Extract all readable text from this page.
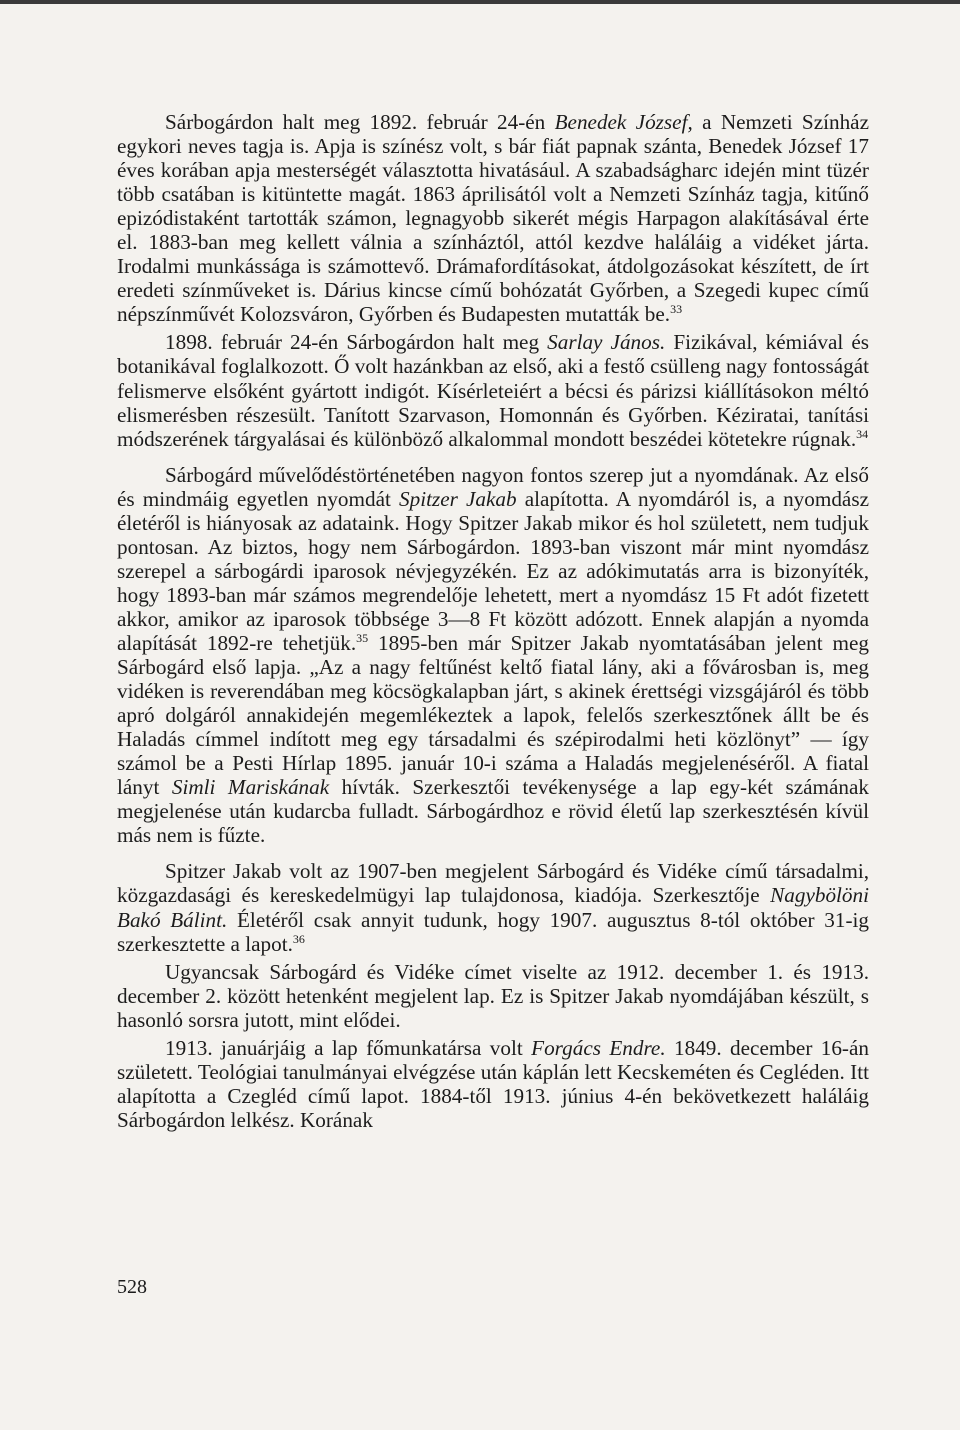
Sárbogárdon halt meg 1892. február 24-én Benedek József, a Nemzeti Színház egykori neves tagja is. Apja is színész volt, s bár fiát papnak szánta, Benedek József 17 éves korában apja mesterségét választotta hivatásául. A szabadságharc idején mint tüzér több csatában is kitüntette magát. 1863 áprilisától volt a Nemzeti Színház tagja, kitűnő epizódistaként tartották számon, legnagyobb sikerét mégis Harpagon alakításával érte el. 1883-ban meg kellett válnia a színháztól, attól kezdve haláláig a vidéket járta. Irodalmi munkássága is számottevő. Drámafordításokat, átdolgozásokat készített, de írt eredeti színműveket is. Dárius kincse című bohózatát Győrben, a Szegedi kupec című népszínművét Kolozsváron, Győrben és Budapesten mutatták be.$^{33}$

1898. február 24-én Sárbogárdon halt meg Sarlay János. Fizikával, kémiával és botanikával foglalkozott. Ő volt hazánkban az első, aki a festő csülleng nagy fontosságát felismerve elsőként gyártott indigót. Kísérleteiért a bécsi és párizsi kiállításokon méltó elismerésben részesült. Tanított Szarvason, Homonnán és Győrben. Kéziratai, tanítási módszerének tárgyalásai és különböző alkalommal mondott beszédei kötetekre rúgnak.$^{34}$

Sárbogárd művelődéstörténetében nagyon fontos szerep jut a nyomdának. Az első és mindmáig egyetlen nyomdát Spitzer Jakab alapította. A nyomdáról is, a nyomdász életéről is hiányosak az adataink. Hogy Spitzer Jakab mikor és hol született, nem tudjuk pontosan. Az biztos, hogy nem Sárbogárdon. 1893-ban viszont már mint nyomdász szerepel a sárbogárdi iparosok névjegyzékén. Ez az adókimutatás arra is bizonyíték, hogy 1893-ban már számos megrendelője lehetett, mert a nyomdász 15 Ft adót fizetett akkor, amikor az iparosok többsége 3—8 Ft között adózott. Ennek alapján a nyomda alapítását 1892-re tehetjük.$^{35}$ 1895-ben már Spitzer Jakab nyomtatásában jelent meg Sárbogárd első lapja. „Az a nagy feltűnést keltő fiatal lány, aki a fővárosban is, meg vidéken is reverendában meg köcsögkalapban járt, s akinek érettségi vizsgájáról és több apró dolgáról annakidején megemlékeztek a lapok, felelős szerkesztőnek állt be és Haladás címmel indított meg egy társadalmi és szépirodalmi heti közlönyt” — így számol be a Pesti Hírlap 1895. január 10-i száma a Haladás megjelenéséről. A fiatal lányt Simli Mariskának hívták. Szerkesztői tevékenysége a lap egy-két számának megjelenése után kudarcba fulladt. Sárbogárdhoz e rövid életű lap szerkesztésén kívül más nem is fűzte.

Spitzer Jakab volt az 1907-ben megjelent Sárbogárd és Vidéke című társadalmi, közgazdasági és kereskedelmügyi lap tulajdonosa, kiadója. Szerkesztője Nagybölöni Bakó Bálint. Életéről csak annyit tudunk, hogy 1907. augusztus 8-tól október 31-ig szerkesztette a lapot.$^{36}$

Ugyancsak Sárbogárd és Vidéke címet viselte az 1912. december 1. és 1913. december 2. között hetenként megjelent lap. Ez is Spitzer Jakab nyomdájában készült, s hasonló sorsra jutott, mint elődei.

1913. januárjáig a lap főmunkatársa volt Forgács Endre. 1849. december 16-án született. Teológiai tanulmányai elvégzése után káplán lett Kecskeméten és Cegléden. Itt alapította a Czegléd című lapot. 1884-től 1913. június 4-én bekövetkezett haláláig Sárbogárdon lelkész. Korának

528
